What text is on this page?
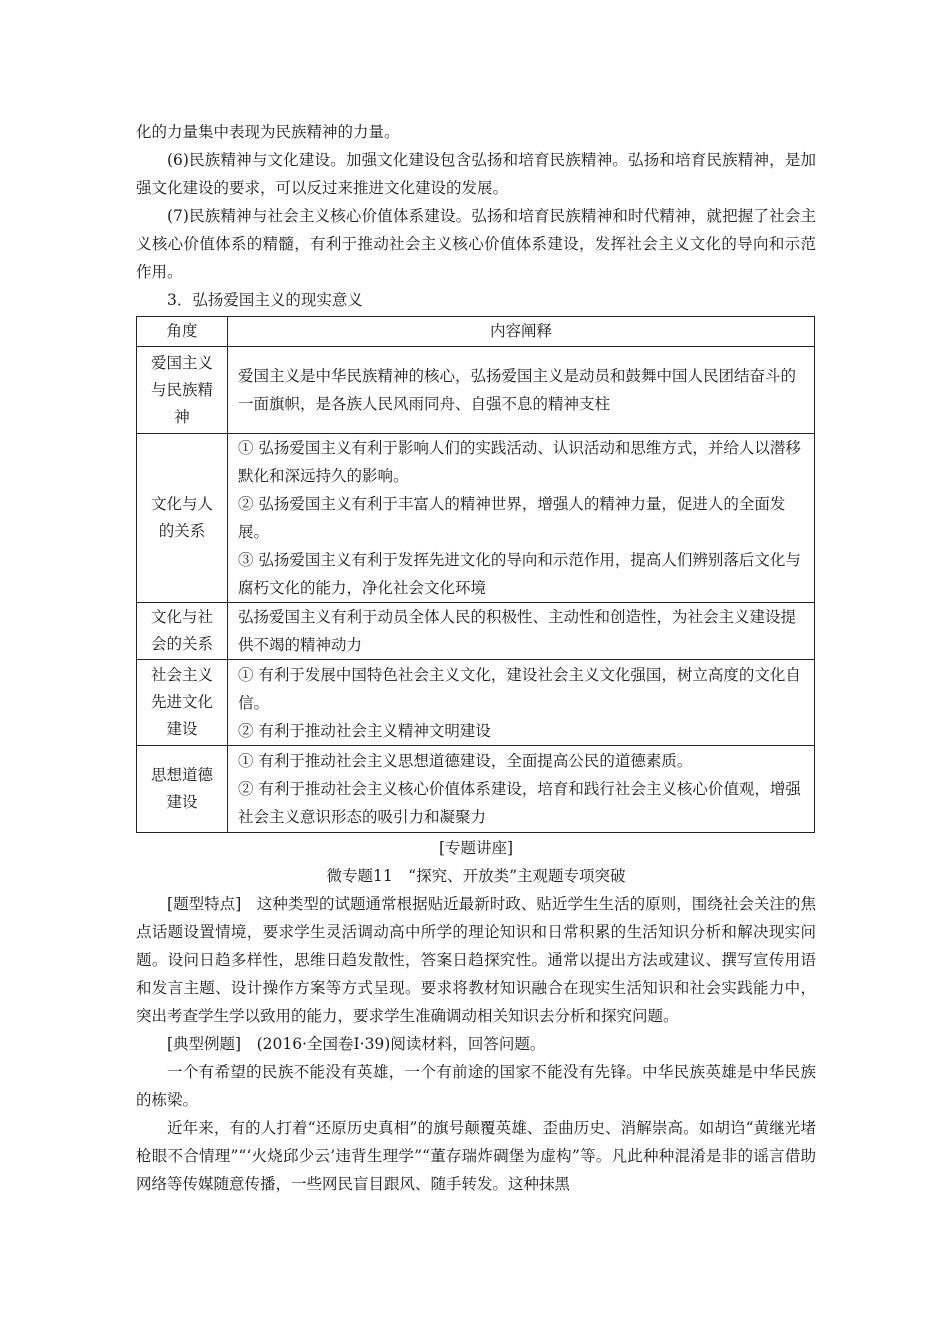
化的力量集中表现为民族精神的力量。

(6)民族精神与文化建设。加强文化建设包含弘扬和培育民族精神。弘扬和培育民族精神，是加强文化建设的要求，可以反过来推进文化建设的发展。

(7)民族精神与社会主义核心价值体系建设。弘扬和培育民族精神和时代精神，就把握了社会主义核心价值体系的精髓，有利于推动社会主义核心价值体系建设，发挥社会主义文化的导向和示范作用。

3．弘扬爱国主义的现实意义

角度	内容阐释

爱国主义
与民族精
神	爱国主义是中华民族精神的核心，弘扬爱国主义是动员和鼓舞中国人民团结奋斗的一面旗帜，是各族人民风雨同舟、自强不息的精神支柱

文化与人
的关系	① 弘扬爱国主义有利于影响人们的实践活动、认识活动和思维方式，并给人以潜移默化和深远持久的影响。
② 弘扬爱国主义有利于丰富人的精神世界，增强人的精神力量，促进人的全面发展。
③ 弘扬爱国主义有利于发挥先进文化的导向和示范作用，提高人们辨别落后文化与腐朽文化的能力，净化社会文化环境

文化与社
会的关系	弘扬爱国主义有利于动员全体人民的积极性、主动性和创造性，为社会主义建设提供不竭的精神动力

社会主义
先进文化
建设	① 有利于发展中国特色社会主义文化，建设社会主义文化强国，树立高度的文化自信。
② 有利于推动社会主义精神文明建设

思想道德
建设	① 有利于推动社会主义思想道德建设，全面提高公民的道德素质。
② 有利于推动社会主义核心价值体系建设，培育和践行社会主义核心价值观，增强社会主义意识形态的吸引力和凝聚力

[专题讲座]

微专题11　“探究、开放类”主观题专项突破

[题型特点]　这种类型的试题通常根据贴近最新时政、贴近学生生活的原则，围绕社会关注的焦点话题设置情境，要求学生灵活调动高中所学的理论知识和日常积累的生活知识分析和解决现实问题。设问日趋多样性，思维日趋发散性，答案日趋探究性。通常以提出方法或建议、撰写宣传用语和发言主题、设计操作方案等方式呈现。要求将教材知识融合在现实生活知识和社会实践能力中，突出考查学生学以致用的能力，要求学生准确调动相关知识去分析和探究问题。

[典型例题]　(2016·全国卷Ⅰ·39)阅读材料，回答问题。

一个有希望的民族不能没有英雄，一个有前途的国家不能没有先锋。中华民族英雄是中华民族的栋梁。

近年来，有的人打着“还原历史真相”的旗号颠覆英雄、歪曲历史、消解崇高。如胡诌“黄继光堵枪眼不合情理”“‘火烧邱少云’违背生理学”“董存瑞炸碉堡为虚构”等。凡此种种混淆是非的谣言借助网络等传媒随意传播，一些网民盲目跟风、随手转发。这种抹黑
